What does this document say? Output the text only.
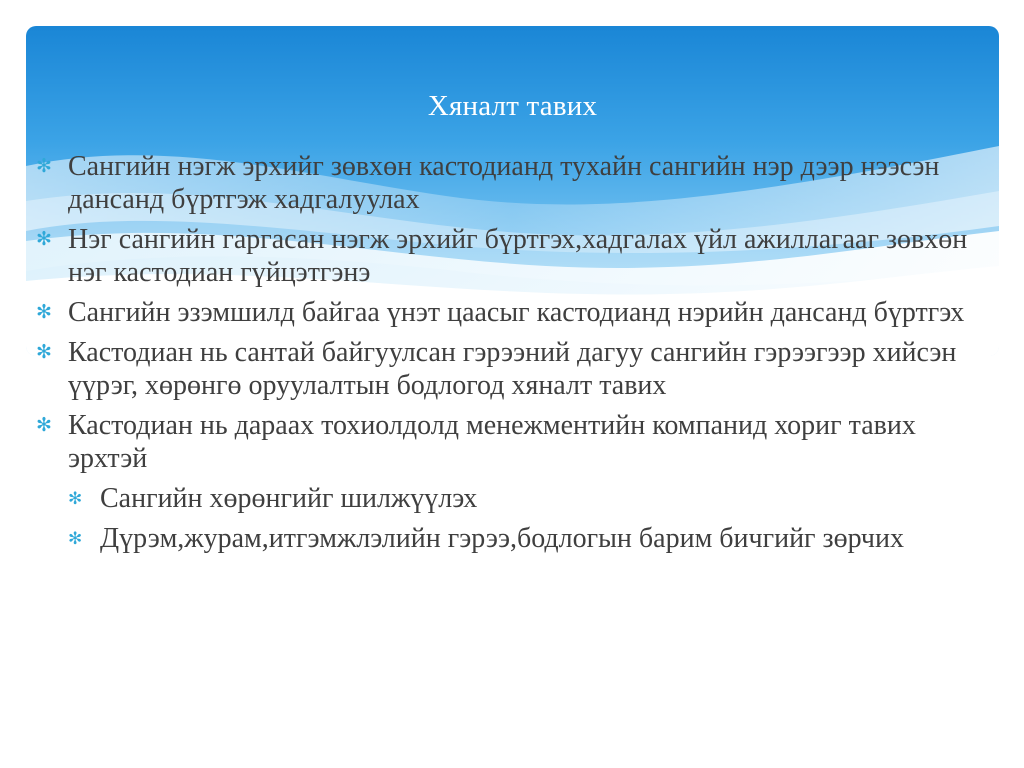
Хяналт тавих
✻ Сангийн нэгж эрхийг зөвхөн кастодианд тухайн сангийн нэр дээр нээсэн дансанд бүртгэж хадгалуулах
✻ Нэг сангийн гаргасан нэгж эрхийг бүртгэх,хадгалах үйл ажиллагааг зөвхөн нэг кастодиан гүйцэтгэнэ
✻ Сангийн эзэмшилд байгаа үнэт цаасыг кастодианд нэрийн дансанд бүртгэх
✻ Кастодиан нь сантай байгуулсан гэрээний дагуу сангийн гэрээгээр хийсэн үүрэг, хөрөнгө оруулалтын бодлогод хяналт тавих
✻ Кастодиан нь дараах тохиолдолд менежментийн компанид хориг тавих эрхтэй
✻ Сангийн хөрөнгийг шилжүүлэх
✻ Дүрэм,журам,итгэмжлэлийн гэрээ,бодлогын барим бичгийг зөрчих
